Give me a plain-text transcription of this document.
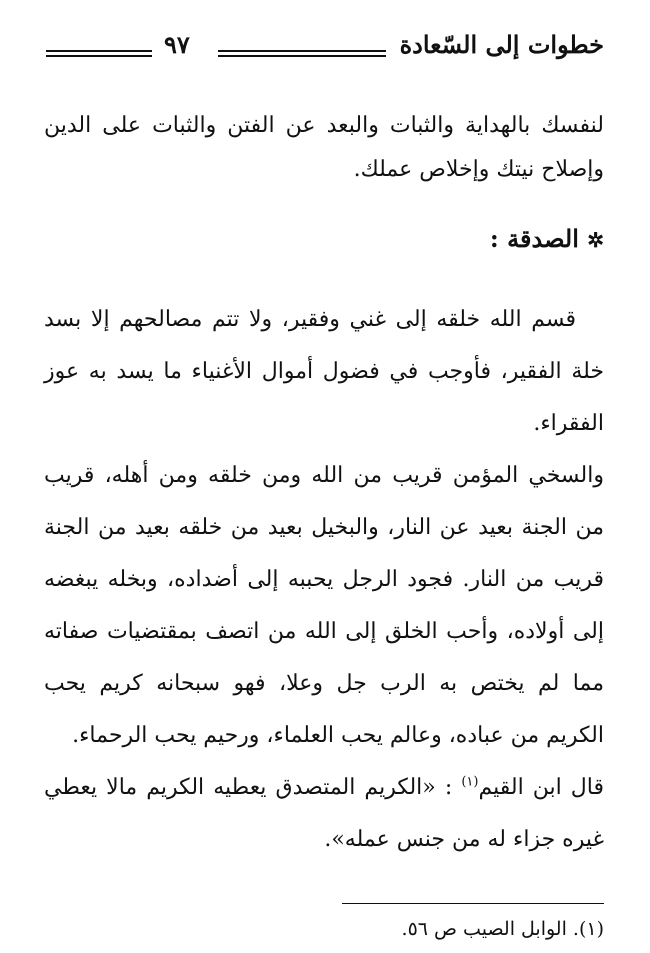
خطوات إلى السّعادة
٩٧

لنفسك بالهداية والثبات والبعد عن الفتن والثبات على الدين وإصلاح نيتك وإخلاص عملك.

✲ الصدقة :

قسم الله خلقه إلى غني وفقير، ولا تتم مصالحهم إلا بسد خلة الفقير، فأوجب في فضول أموال الأغنياء ما يسد به عوز الفقراء.

والسخي المؤمن قريب من الله ومن خلقه ومن أهله، قريب من الجنة بعيد عن النار، والبخيل بعيد من خلقه بعيد من الجنة قريب من النار. فجود الرجل يحببه إلى أضداده، وبخله يبغضه إلى أولاده، وأحب الخلق إلى الله من اتصف بمقتضيات صفاته مما لم يختص به الرب جل وعلا، فهو سبحانه كريم يحب الكريم من عباده، وعالم يحب العلماء، ورحيم يحب الرحماء.

قال ابن القيم$^{(١)}$ : «الكريم المتصدق يعطيه الكريم مالا يعطي غيره جزاء له من جنس عمله».

(١). الوابل الصيب ص ٥٦.
